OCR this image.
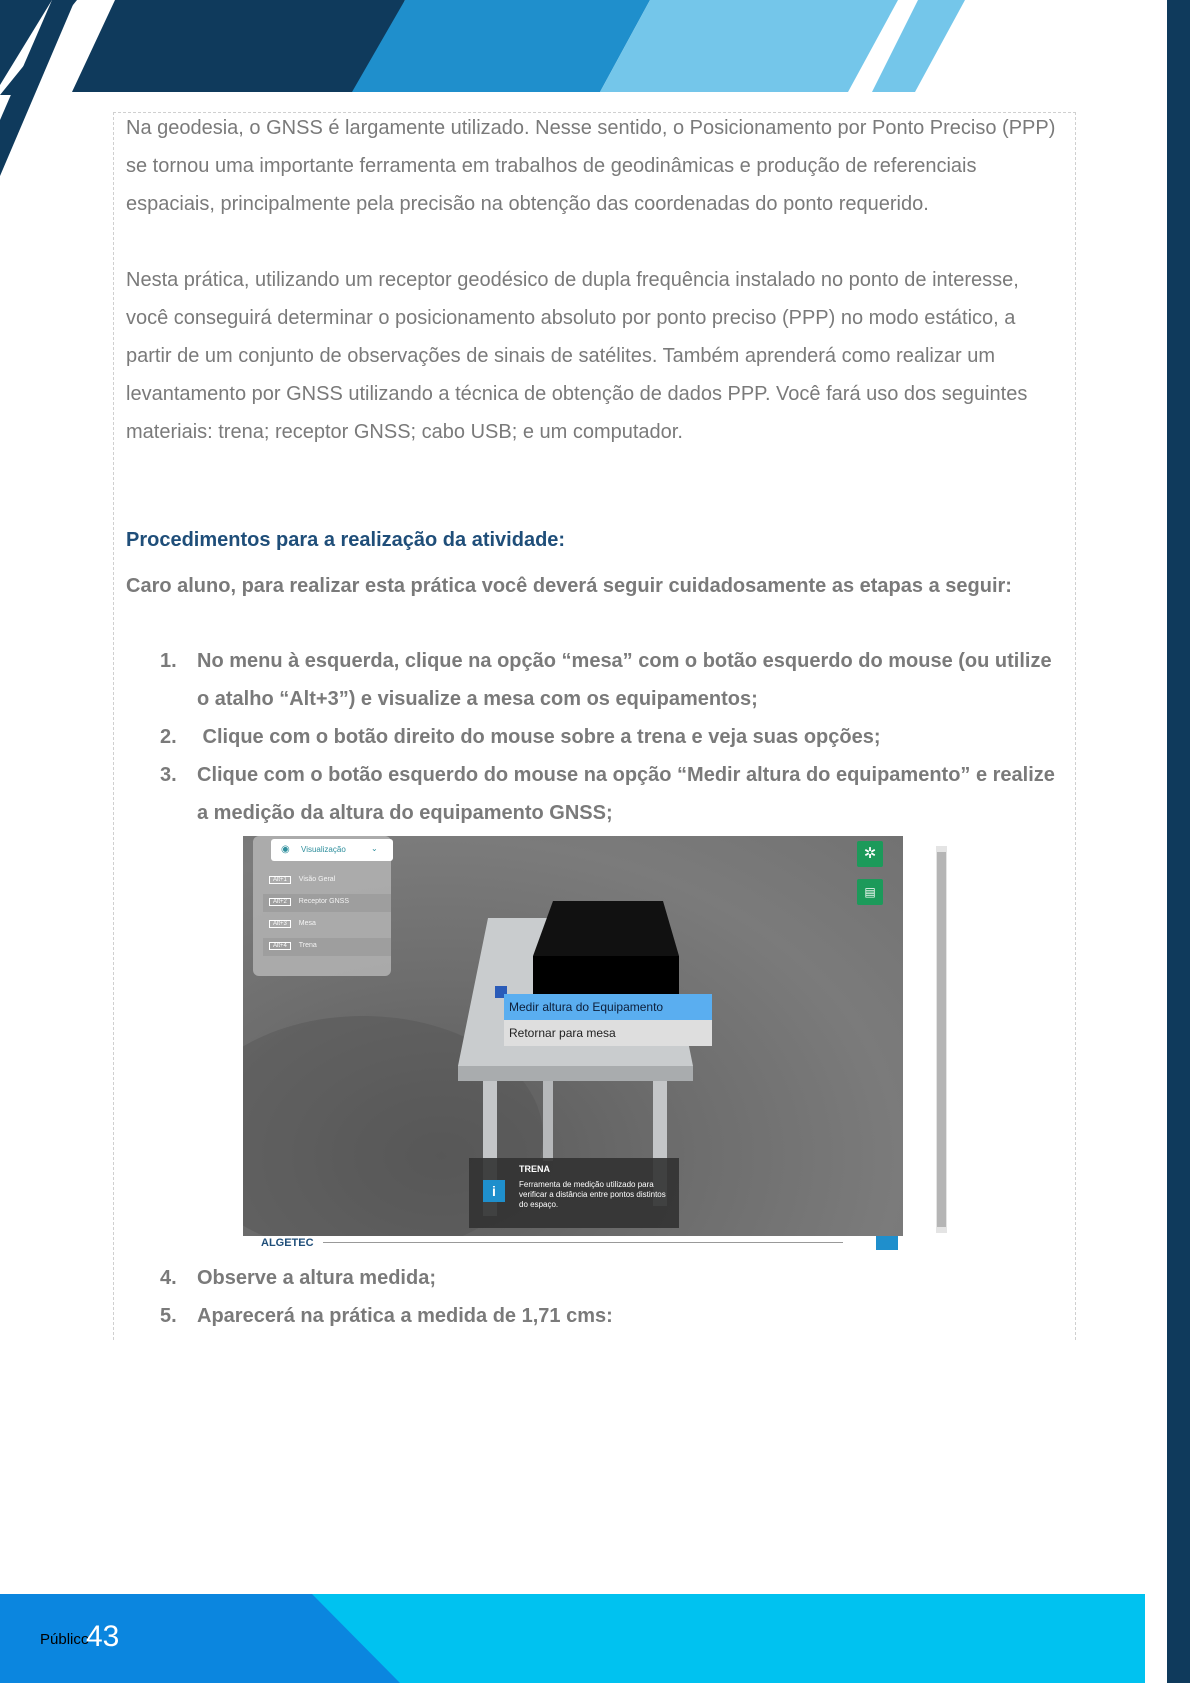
Na geodesia, o GNSS é largamente utilizado. Nesse sentido, o Posicionamento por Ponto Preciso (PPP) se tornou uma importante ferramenta em trabalhos de geodinâmicas e produção de referenciais espaciais, principalmente pela precisão na obtenção das coordenadas do ponto requerido.

Nesta prática, utilizando um receptor geodésico de dupla frequência instalado no ponto de interesse, você conseguirá determinar o posicionamento absoluto por ponto preciso (PPP) no modo estático, a partir de um conjunto de observações de sinais de satélites. Também aprenderá como realizar um levantamento por GNSS utilizando a técnica de obtenção de dados PPP. Você fará uso dos seguintes materiais: trena; receptor GNSS; cabo USB; e um computador.

Procedimentos para a realização da atividade:

Caro aluno, para realizar esta prática você deverá seguir cuidadosamente as etapas a seguir:

1.	No menu à esquerda, clique na opção “mesa” com o botão esquerdo do mouse (ou utilize o atalho “Alt+3”) e visualize a mesa com os equipamentos;
2.	Clique com o botão direito do mouse sobre a trena e veja suas opções;
3.	Clique com o botão esquerdo do mouse na opção “Medir altura do equipamento” e realize a medição da altura do equipamento GNSS;
◉ Visualização	⌄
Alt+1 Visão Geral
Alt+2 Receptor GNSS
Alt+3 Mesa
Alt+4 Trena
✲
▤
Medir altura do Equipamento
Retornar para mesa
i
TRENA
Ferramenta de medição utilizado para verificar a distância entre pontos distintos do espaço.
ALGETEC
4.	Observe a altura medida;
5.	Aparecerá na prática a medida de 1,71 cms:
Público
43
